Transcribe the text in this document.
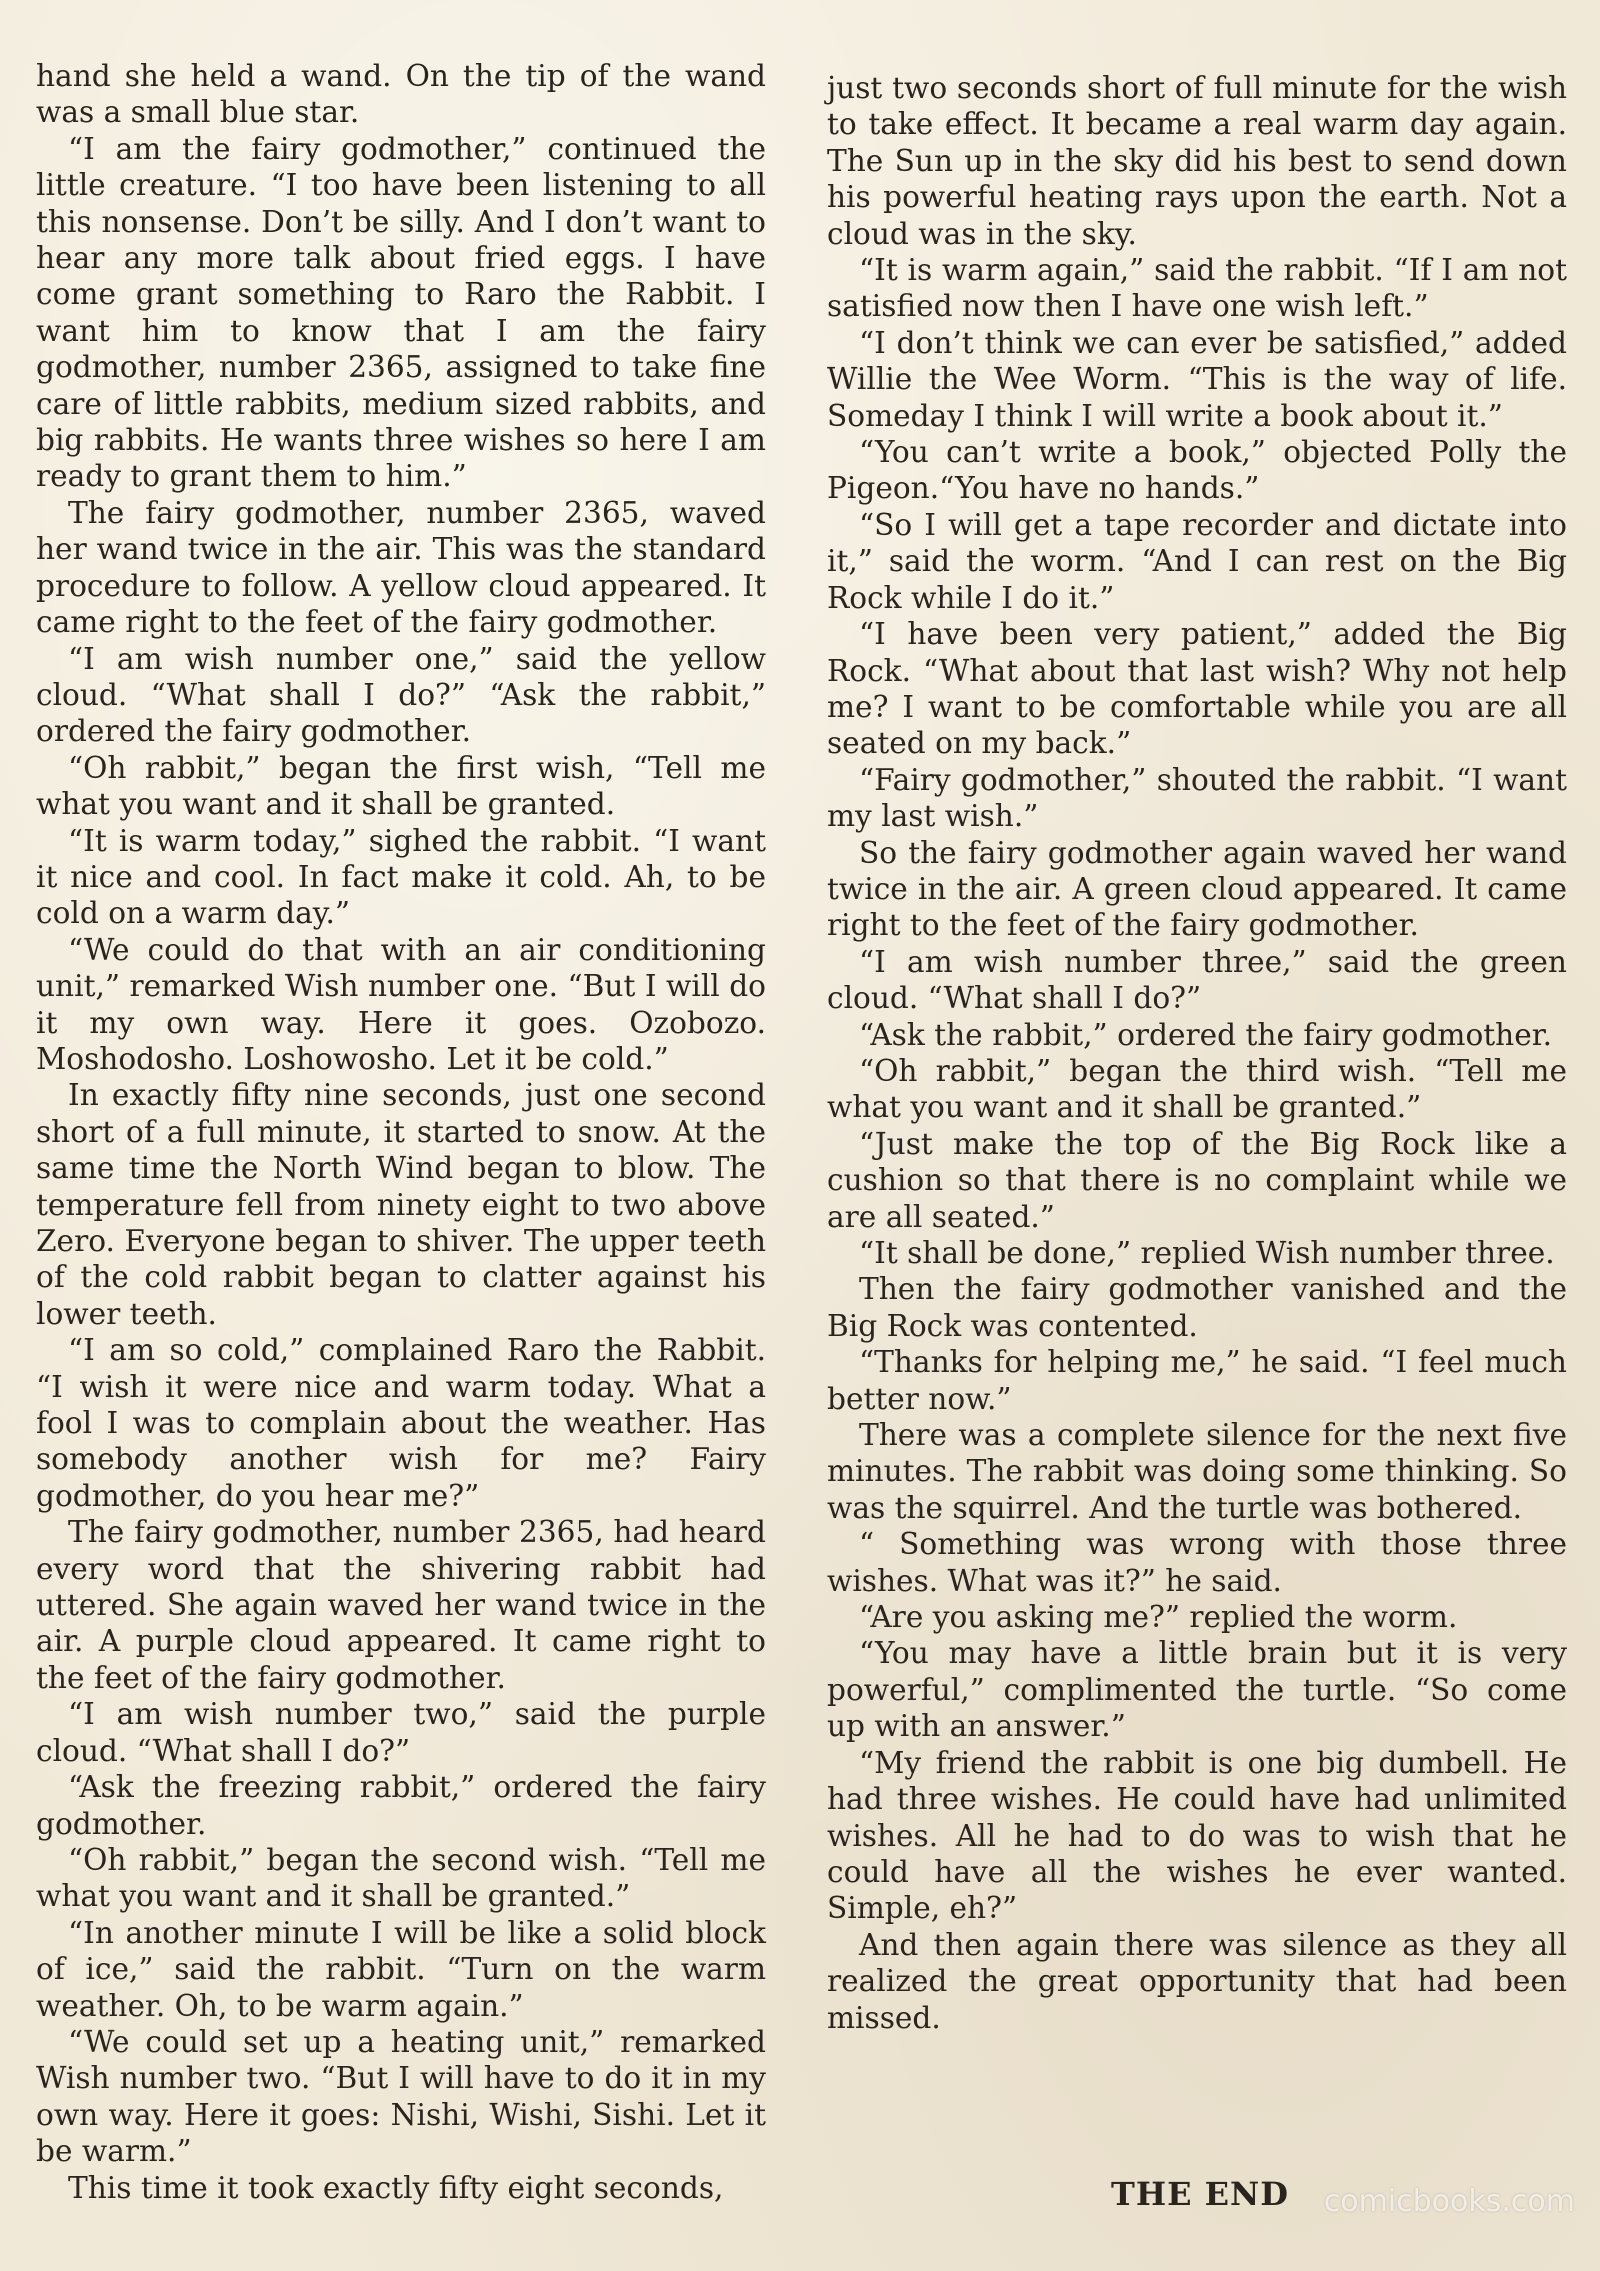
hand she held a wand. On the tip of the wand was a small blue star.

“I am the fairy godmother,” continued the little creature. “I too have been listening to all this nonsense. Don’t be silly. And I don’t want to hear any more talk about fried eggs. I have come grant something to Raro the Rabbit. I want him to know that I am the fairy godmother, number 2365, assigned to take fine care of little rabbits, medium sized rabbits, and big rabbits. He wants three wishes so here I am ready to grant them to him.”

The fairy godmother, number 2365, waved her wand twice in the air. This was the standard procedure to follow. A yellow cloud appeared. It came right to the feet of the fairy godmother.

“I am wish number one,” said the yellow cloud. “What shall I do?” “Ask the rabbit,” ordered the fairy godmother.

“Oh rabbit,” began the first wish, “Tell me what you want and it shall be granted.

“It is warm today,” sighed the rabbit. “I want it nice and cool. In fact make it cold. Ah, to be cold on a warm day.”

“We could do that with an air conditioning unit,” remarked Wish number one. “But I will do it my own way. Here it goes. Ozobozo. Moshodosho. Loshowosho. Let it be cold.”

In exactly fifty nine seconds, just one second short of a full minute, it started to snow. At the same time the North Wind began to blow. The temperature fell from ninety eight to two above Zero. Everyone began to shiver. The upper teeth of the cold rabbit began to clatter against his lower teeth.

“I am so cold,” complained Raro the Rabbit. “I wish it were nice and warm today. What a fool I was to complain about the weather. Has somebody another wish for me? Fairy godmother, do you hear me?”

The fairy godmother, number 2365, had heard every word that the shivering rabbit had uttered. She again waved her wand twice in the air. A purple cloud appeared. It came right to the feet of the fairy godmother.

“I am wish number two,” said the purple cloud. “What shall I do?”

“Ask the freezing rabbit,” ordered the fairy godmother.

“Oh rabbit,” began the second wish. “Tell me what you want and it shall be granted.”

“In another minute I will be like a solid block of ice,” said the rabbit. “Turn on the warm weather. Oh, to be warm again.”

“We could set up a heating unit,” remarked Wish number two. “But I will have to do it in my own way. Here it goes: Nishi, Wishi, Sishi. Let it be warm.”

This time it took exactly fifty eight seconds,

just two seconds short of full minute for the wish to take effect. It became a real warm day again. The Sun up in the sky did his best to send down his powerful heating rays upon the earth. Not a cloud was in the sky.

“It is warm again,” said the rabbit. “If I am not satisfied now then I have one wish left.”

“I don’t think we can ever be satisfied,” added Willie the Wee Worm. “This is the way of life. Someday I think I will write a book about it.”

“You can’t write a book,” objected Polly the Pigeon.“You have no hands.”

“So I will get a tape recorder and dictate into it,” said the worm. “And I can rest on the Big Rock while I do it.”

“I have been very patient,” added the Big Rock. “What about that last wish? Why not help me? I want to be comfortable while you are all seated on my back.”

“Fairy godmother,” shouted the rabbit. “I want my last wish.”

So the fairy godmother again waved her wand twice in the air. A green cloud appeared. It came right to the feet of the fairy godmother.

“I am wish number three,” said the green cloud. “What shall I do?”

“Ask the rabbit,” ordered the fairy godmother.

“Oh rabbit,” began the third wish. “Tell me what you want and it shall be granted.”

“Just make the top of the Big Rock like a cushion so that there is no complaint while we are all seated.”

“It shall be done,” replied Wish number three.

Then the fairy godmother vanished and the Big Rock was contented.

“Thanks for helping me,” he said. “I feel much better now.”

There was a complete silence for the next five minutes. The rabbit was doing some thinking. So was the squirrel. And the turtle was bothered.

“ Something was wrong with those three wishes. What was it?” he said.

“Are you asking me?” replied the worm.

“You may have a little brain but it is very powerful,” complimented the turtle. “So come up with an answer.”

“My friend the rabbit is one big dumbell. He had three wishes. He could have had unlimited wishes. All he had to do was to wish that he could have all the wishes he ever wanted. Simple, eh?”

And then again there was silence as they all realized the great opportunity that had been missed.

THE END	comicbooks.com
